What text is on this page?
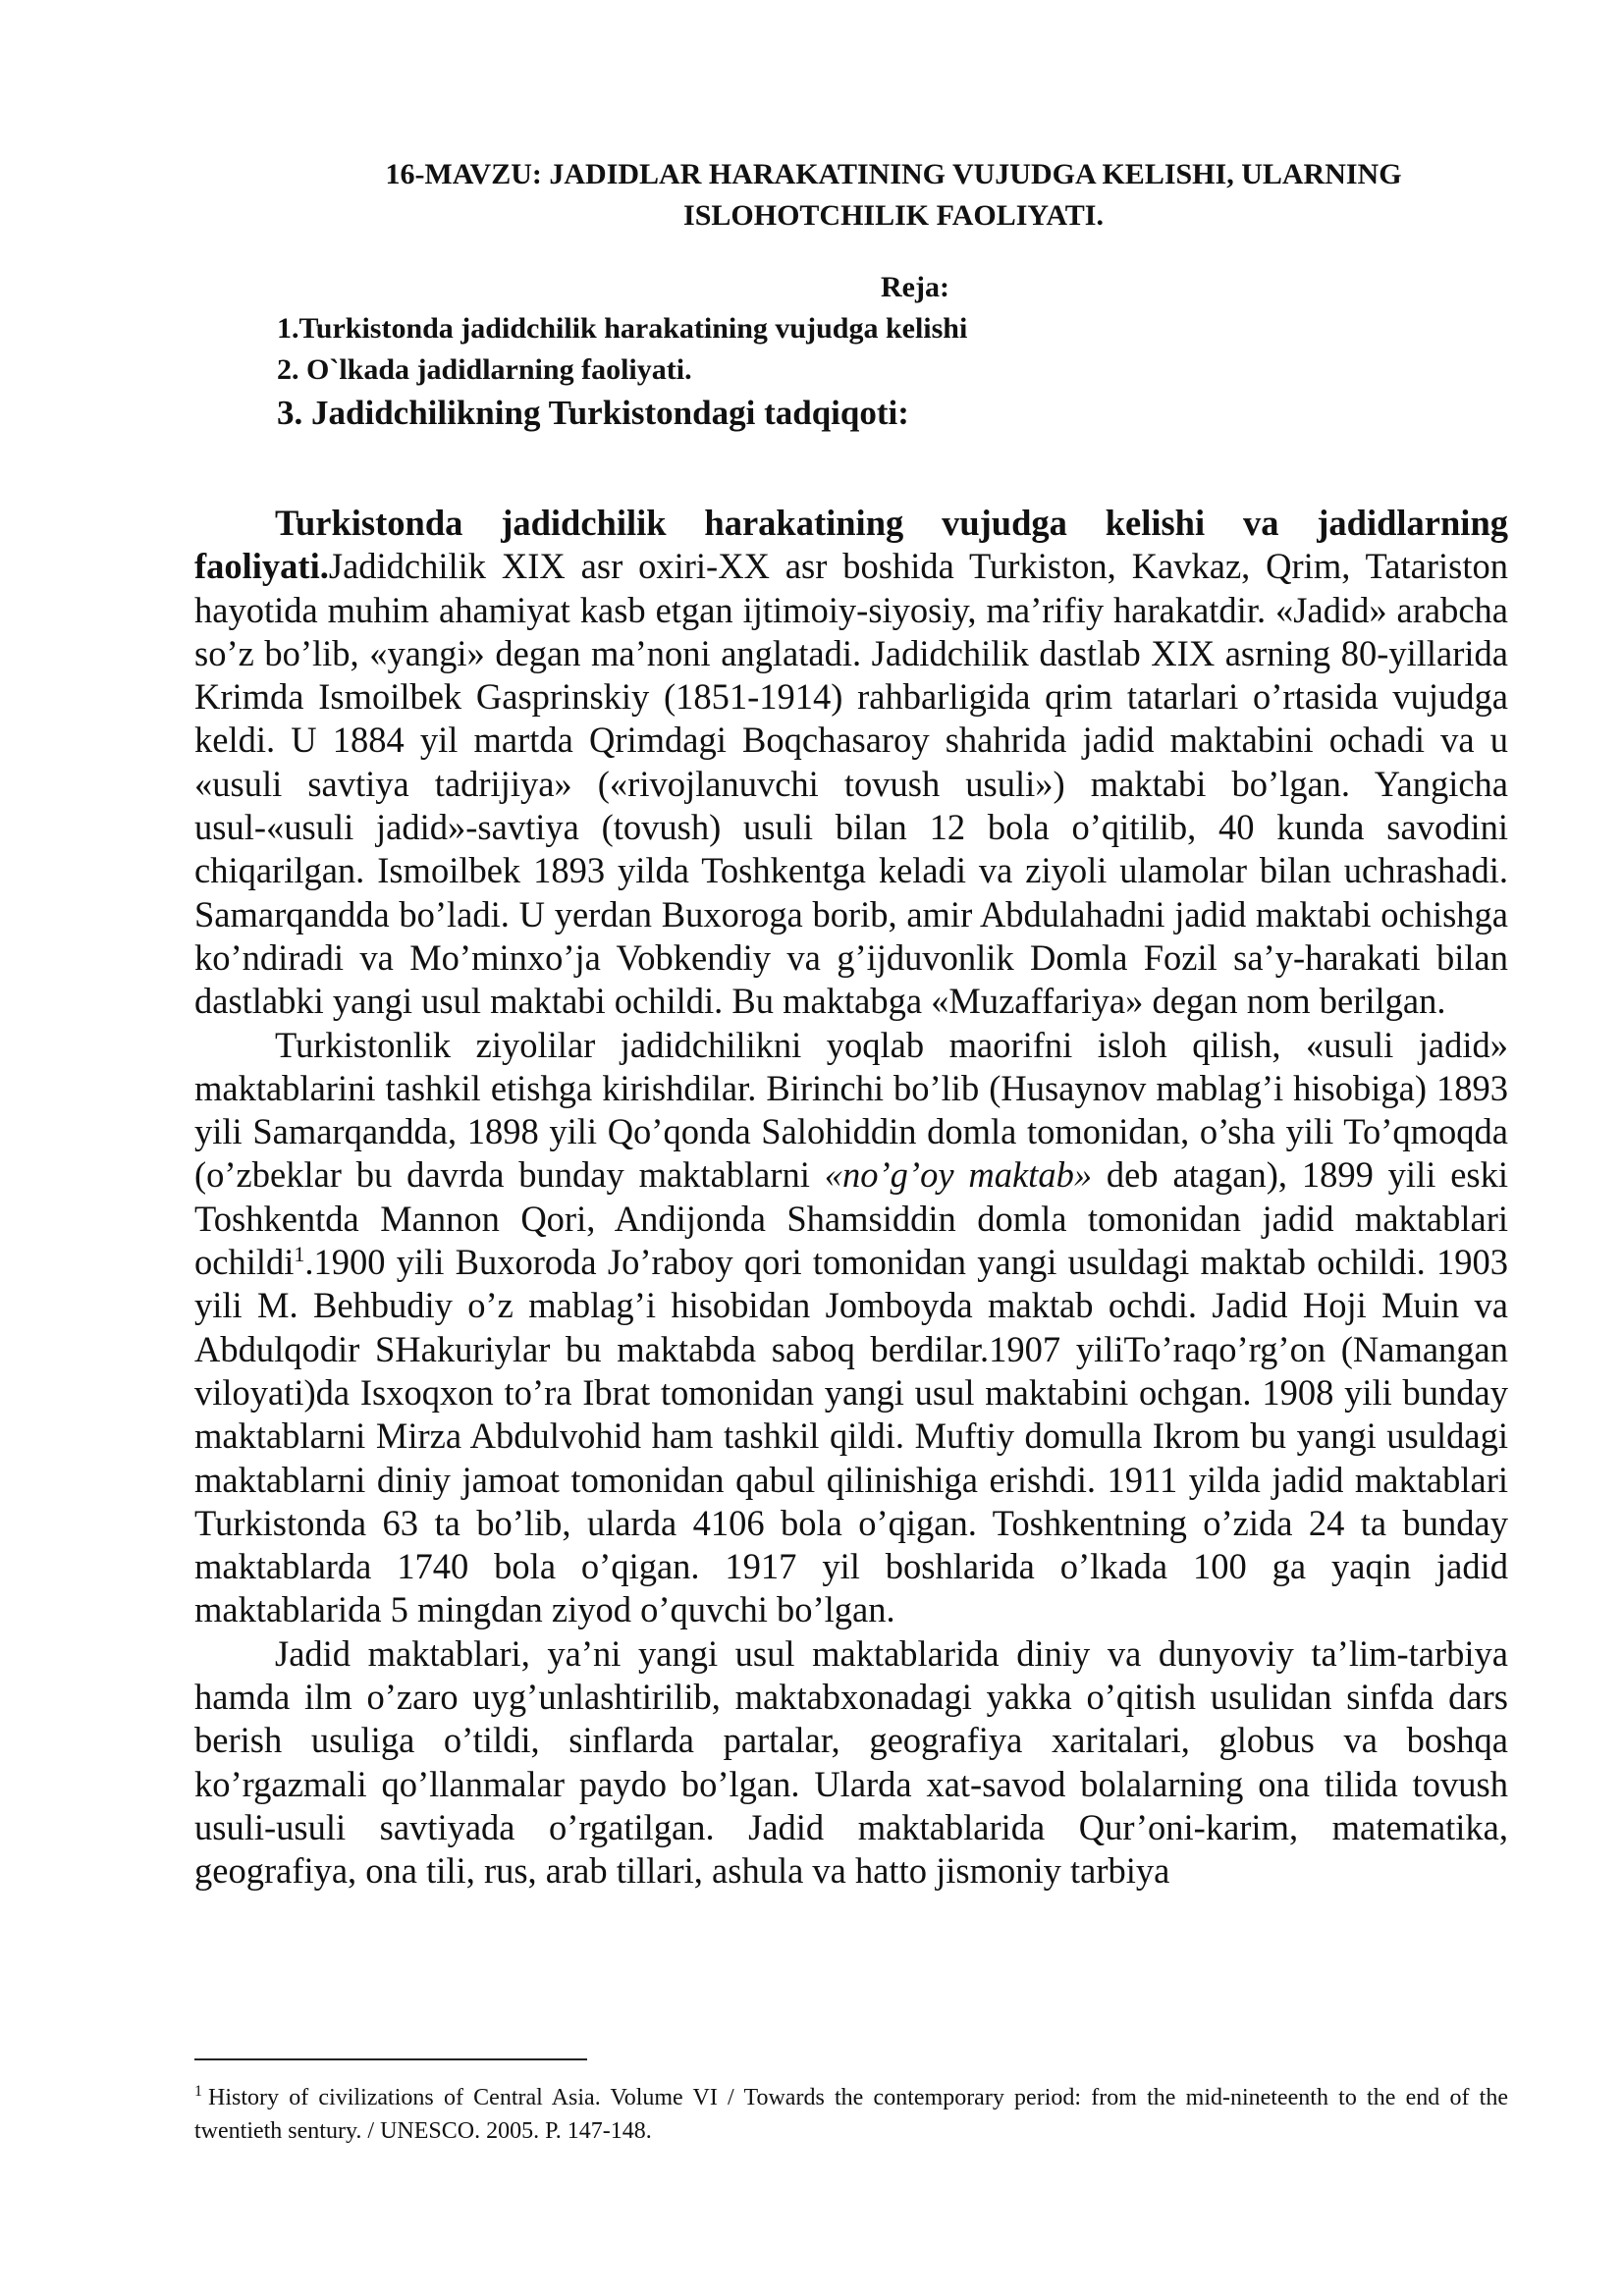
16-MAVZU: JADIDLAR HARAKATINING VUJUDGA KELISHI, ULARNING
ISLOHOTCHILIK FAOLIYATI.
Reja:
1.Turkistonda jadidchilik harakatining vujudga kelishi
2. O`lkada jadidlarning faoliyati.
3. Jadidchilikning Turkistondagi tadqiqoti:

Turkistonda jadidchilik harakatining vujudga kelishi va jadidlarning faoliyati.Jadidchilik XIX asr oxiri-XX asr boshida Turkiston, Kavkaz, Qrim, Tatariston hayotida muhim ahamiyat kasb etgan ijtimoiy-siyosiy, ma’rifiy harakatdir. «Jadid» arabcha so’z bo’lib, «yangi» degan ma’noni anglatadi. Jadidchilik dastlab XIX asrning 80-yillarida Krimda Ismoilbek Gasprinskiy (1851-1914) rahbarligida qrim tatarlari o’rtasida vujudga keldi. U 1884 yil martda Qrimdagi Boqchasaroy shahrida jadid maktabini ochadi va u «usuli savtiya tadrijiya» («rivojlanuvchi tovush usuli») maktabi bo’lgan. Yangicha usul-«usuli jadid»-savtiya (tovush) usuli bilan 12 bola o’qitilib, 40 kunda savodini chiqarilgan. Ismoilbek 1893 yilda Toshkentga keladi va ziyoli ulamolar bilan uchrashadi. Samarqandda bo’ladi. U yerdan Buxoroga borib, amir Abdulahadni jadid maktabi ochishga ko’ndiradi va Mo’minxo’ja Vobkendiy va g’ijduvonlik Domla Fozil sa’y-harakati bilan dastlabki yangi usul maktabi ochildi. Bu maktabga «Muzaffariya» degan nom berilgan.

Turkistonlik ziyolilar jadidchilikni yoqlab maorifni isloh qilish, «usuli jadid» maktablarini tashkil etishga kirishdilar. Birinchi bo’lib (Husaynov mablag’i hisobiga) 1893 yili Samarqandda, 1898 yili Qo’qonda Salohiddin domla tomonidan, o’sha yili To’qmoqda (o’zbeklar bu davrda bunday maktablarni «no’g’oy maktab» deb atagan), 1899 yili eski Toshkentda Mannon Qori, Andijonda Shamsiddin domla tomonidan jadid maktablari ochildi$^1$.1900 yili Buxoroda Jo’raboy qori tomonidan yangi usuldagi maktab ochildi. 1903 yili M. Behbudiy o’z mablag’i hisobidan Jomboyda maktab ochdi. Jadid Hoji Muin va Abdulqodir SHakuriylar bu maktabda saboq berdilar.1907 yiliTo’raqo’rg’on (Namangan viloyati)da Isxoqxon to’ra Ibrat tomonidan yangi usul maktabini ochgan. 1908 yili bunday maktablarni Mirza Abdulvohid ham tashkil qildi. Muftiy domulla Ikrom bu yangi usuldagi maktablarni diniy jamoat tomonidan qabul qilinishiga erishdi. 1911 yilda jadid maktablari Turkistonda 63 ta bo’lib, ularda 4106 bola o’qigan. Toshkentning o’zida 24 ta bunday maktablarda 1740 bola o’qigan. 1917 yil boshlarida o’lkada 100 ga yaqin jadid maktablarida 5 mingdan ziyod o’quvchi bo’lgan.

Jadid maktablari, ya’ni yangi usul maktablarida diniy va dunyoviy ta’lim-tarbiya hamda ilm o’zaro uyg’unlashtirilib, maktabxonadagi yakka o’qitish usulidan sinfda dars berish usuliga o’tildi, sinflarda partalar, geografiya xaritalari, globus va boshqa ko’rgazmali qo’llanmalar paydo bo’lgan. Ularda xat-savod bolalarning ona tilida tovush usuli-usuli savtiyada o’rgatilgan. Jadid maktablarida Qur’oni-karim, matematika, geografiya, ona tili, rus, arab tillari, ashula va hatto jismoniy tarbiya

$^1$ History of civilizations of Central Asia. Volume VI / Towards the contemporary period: from the mid-nineteenth to the end of the twentieth sentury. / UNESCO. 2005. P. 147-148.
